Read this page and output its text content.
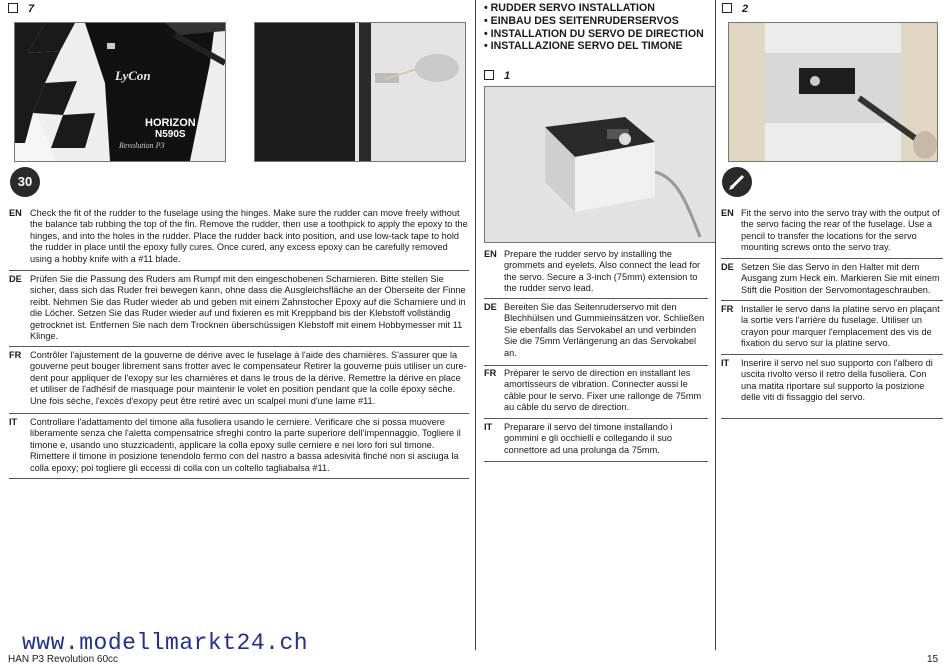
7
1
2
• RUDDER SERVO INSTALLATION
• EINBAU DES SEITENRUDERSERVOS
• INSTALLATION DU SERVO DE DIRECTION
• INSTALLAZIONE SERVO DEL TIMONE
LyCon
HORIZON
N590S
Revolution P3
30
EN Check the fit of the rudder to the fuselage using the hinges. Make sure the rudder can move freely without the balance tab rubbing the top of the fin. Remove the rudder, then use a toothpick to apply the epoxy to the hinges, and into the holes in the rudder. Place the rudder back into position, and use low-tack tape to hold the rudder in place until the epoxy fully cures. Once cured, any excess epoxy can be carefully removed using a hobby knife with a #11 blade.
DE Prüfen Sie die Passung des Ruders am Rumpf mit den eingeschobenen Scharnieren. Bitte stellen Sie sicher, dass sich das Ruder frei bewegen kann, ohne dass die Ausgleichsfläche an der Oberseite der Finne reibt. Nehmen Sie das Ruder wieder ab und geben mit einem Zahnstocher Epoxy auf die Scharniere und in die Löcher. Setzen Sie das Ruder wieder auf und fixieren es mit Kreppband bis der Klebstoff vollständig getrocknet ist. Entfernen Sie nach dem Trocknen überschüssigen Klebstoff mit einem Hobbymesser mit 11 Klinge.
FR Contrôler l'ajustement de la gouverne de dérive avec le fuselage à l'aide des charnières. S'assurer que la gouverne peut bouger librement sans frotter avec le compensateur Retirer la gouverne puis utiliser un cure-dent pour appliquer de l'exopy sur les charnières et dans le trous de la dérive. Remettre la dérive en place et utiliser de l'adhésif de masquage pour maintenir le volet en position pendant que la colle époxy sèche. Une fois sèche, l'excès d'exopy peut être retiré avec un scalpel muni d'une lame #11.
IT Controllare l'adattamento del timone alla fusoliera usando le cerniere. Verificare che si possa muovere liberamente senza che l'aletta compensatrice sfreghi contro la parte superiore dell'impennaggio. Togliere il timone e, usando uno stuzzicadenti, applicare la colla epoxy sulle cerniere e nei loro fori sul timone. Rimettere il timone in posizione tenendolo fermo con del nastro a bassa adesività finché non si asciuga la colla epoxy; poi togliere gli eccessi di colla con un coltello tagliabalsa #11.
EN Prepare the rudder servo by installing the grommets and eyelets. Also connect the lead for the servo. Secure a 3-inch (75mm) extension to the rudder servo lead.
DE Bereiten Sie das Seitenruderservo mit den Blechhülsen und Gummieinsätzen vor. Schließen Sie ebenfalls das Servokabel an und verbinden Sie die 75mm Verlängerung an das Servokabel an.
FR Préparer le servo de direction en installant les amortisseurs de vibration. Connecter aussi le câble pour le servo. Fixer une rallonge de 75mm au câble du servo de direction.
IT Preparare il servo del timone installando i gommini e gli occhielli e collegando il suo connettore ad una prolunga da 75mm.
EN Fit the servo into the servo tray with the output of the servo facing the rear of the fuselage. Use a pencil to transfer the locations for the servo mounting screws onto the servo tray.
DE Setzen Sie das Servo in den Halter mit dem Ausgang zum Heck ein. Markieren Sie mit einem Stift die Position der Servomontageschrauben.
FR Installer le servo dans la platine servo en plaçant la sortie vers l'arrière du fuselage. Utiliser un crayon pour marquer l'emplacement des vis de fixation du servo sur la platine servo.
IT Inserire il servo nel suo supporto con l'albero di uscita rivolto verso il retro della fusoliera. Con una matita riportare sul supporto la posizione delle viti di fissaggio del servo.
www.modellmarkt24.ch
HAN P3 Revolution 60cc	15
